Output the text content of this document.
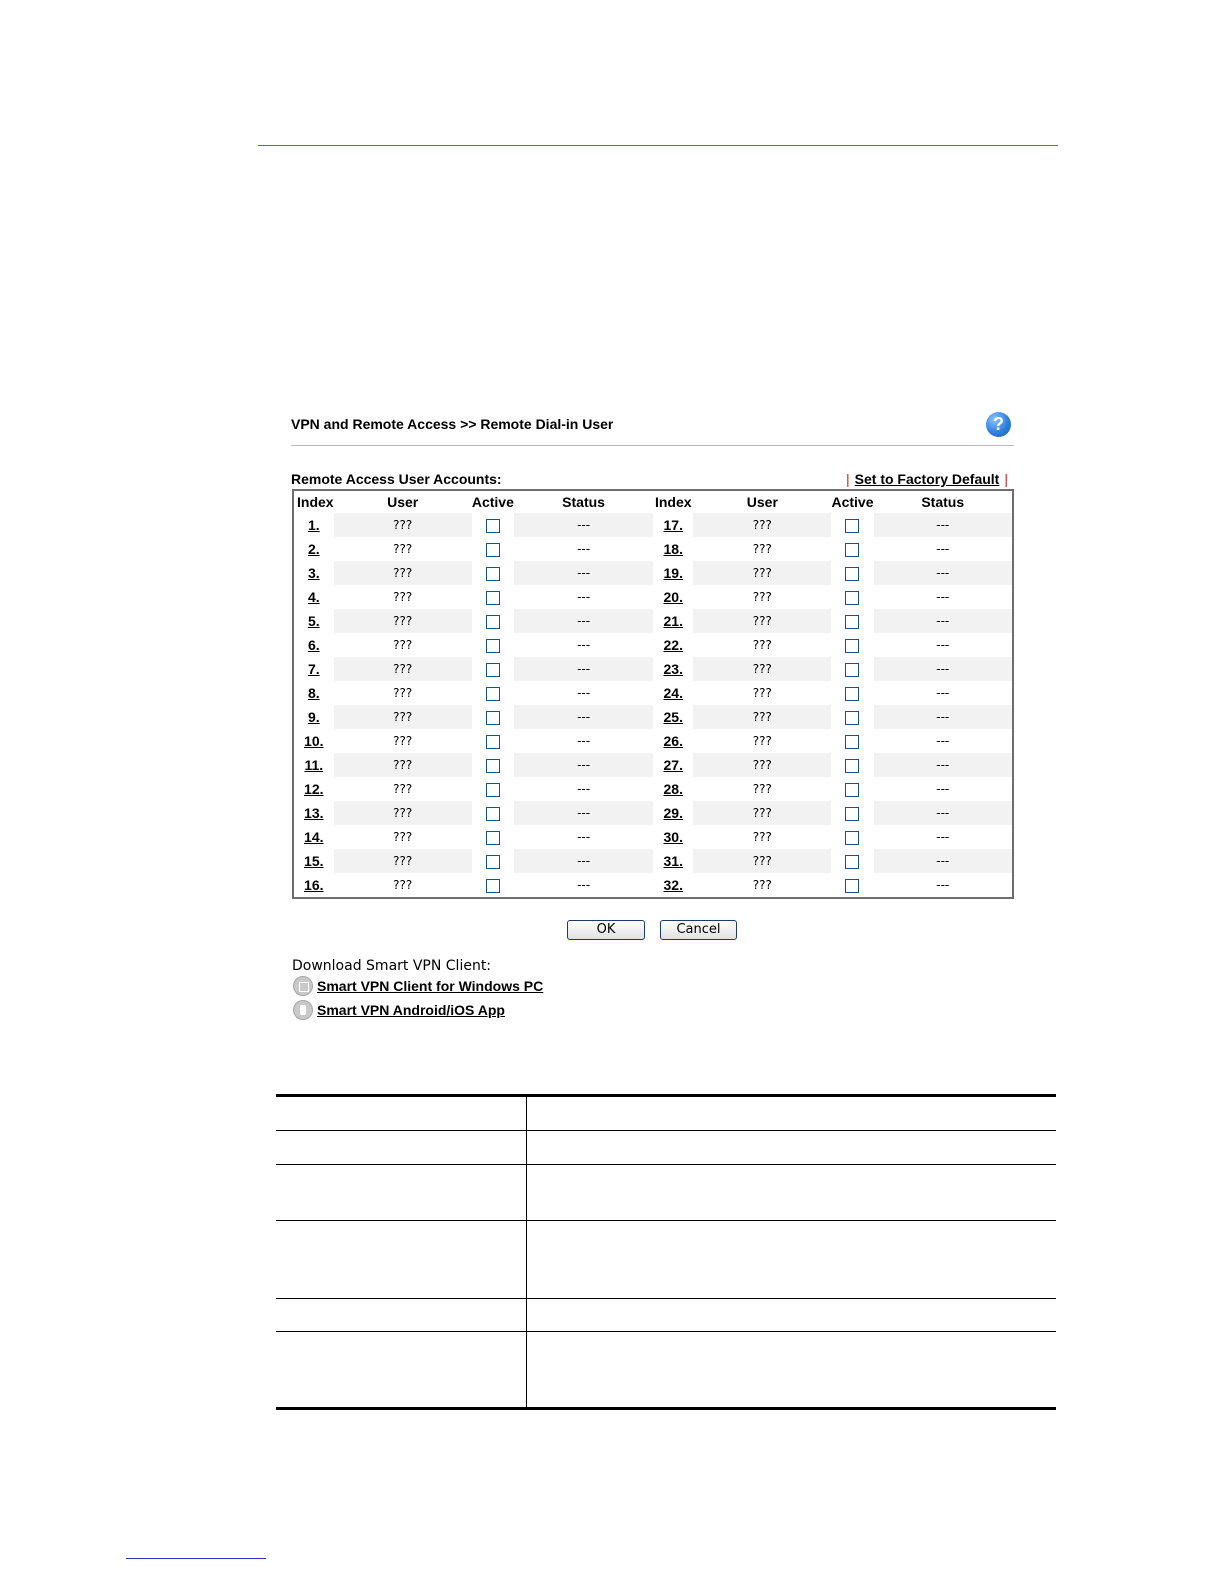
VPN and Remote Access >> Remote Dial-in User	?
Remote Access User Accounts:	| Set to Factory Default |
Index	User	Active	Status	Index	User	Active	Status
1.	???		---	17.	???		---
2.	???		---	18.	???		---
3.	???		---	19.	???		---
4.	???		---	20.	???		---
5.	???		---	21.	???		---
6.	???		---	22.	???		---
7.	???		---	23.	???		---
8.	???		---	24.	???		---
9.	???		---	25.	???		---
10.	???		---	26.	???		---
11.	???		---	27.	???		---
12.	???		---	28.	???		---
13.	???		---	29.	???		---
14.	???		---	30.	???		---
15.	???		---	31.	???		---
16.	???		---	32.	???		---
OK	Cancel
Download Smart VPN Client:
Smart VPN Client for Windows PC
Smart VPN Android/iOS App
